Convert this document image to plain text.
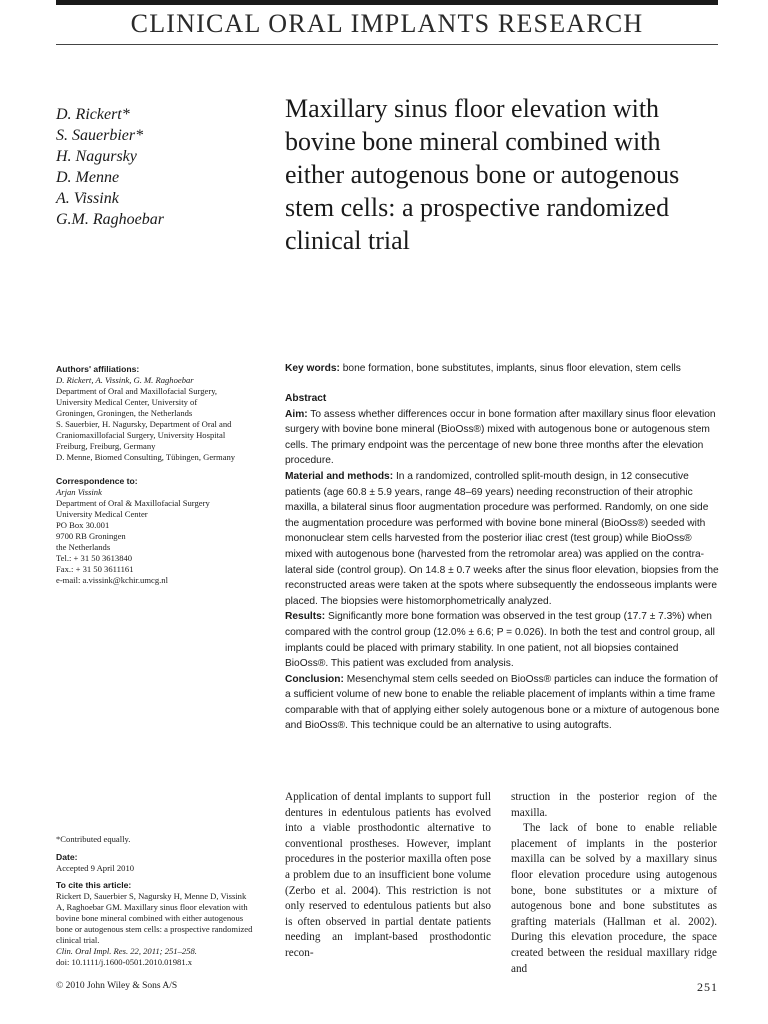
CLINICAL ORAL IMPLANTS RESEARCH
D. Rickert*
S. Sauerbier*
H. Nagursky
D. Menne
A. Vissink
G.M. Raghoebar
Maxillary sinus floor elevation with bovine bone mineral combined with either autogenous bone or autogenous stem cells: a prospective randomized clinical trial
Authors' affiliations:
D. Rickert, A. Vissink, G. M. Raghoebar
Department of Oral and Maxillofacial Surgery,
University Medical Center, University of
Groningen, Groningen, the Netherlands
S. Sauerbier, H. Nagursky, Department of Oral and
Craniomaxillofacial Surgery, University Hospital
Freiburg, Freiburg, Germany
D. Menne, Biomed Consulting, Tübingen, Germany
Correspondence to:
Arjan Vissink
Department of Oral & Maxillofacial Surgery
University Medical Center
PO Box 30.001
9700 RB Groningen
the Netherlands
Tel.: + 31 50 3613840
Fax.: + 31 50 3611161
e-mail: a.vissink@kchir.umcg.nl
*Contributed equally.
Date:
Accepted 9 April 2010
To cite this article:
Rickert D, Sauerbier S, Nagursky H, Menne D, Vissink
A, Raghoebar GM. Maxillary sinus floor elevation with
bovine bone mineral combined with either autogenous
bone or autogenous stem cells: a prospective randomized
clinical trial.
Clin. Oral Impl. Res. 22, 2011; 251–258.
doi: 10.1111/j.1600-0501.2010.01981.x
Key words: bone formation, bone substitutes, implants, sinus floor elevation, stem cells
Abstract
Aim: To assess whether differences occur in bone formation after maxillary sinus floor elevation surgery with bovine bone mineral (BioOss®) mixed with autogenous bone or autogenous stem cells. The primary endpoint was the percentage of new bone three months after the elevation procedure.
Material and methods: In a randomized, controlled split-mouth design, in 12 consecutive patients (age 60.8 ± 5.9 years, range 48–69 years) needing reconstruction of their atrophic maxilla, a bilateral sinus floor augmentation procedure was performed. Randomly, on one side the augmentation procedure was performed with bovine bone mineral (BioOss®) seeded with mononuclear stem cells harvested from the posterior iliac crest (test group) while BioOss® mixed with autogenous bone (harvested from the retromolar area) was applied on the contra-lateral side (control group). On 14.8 ± 0.7 weeks after the sinus floor elevation, biopsies from the reconstructed areas were taken at the spots where subsequently the endosseous implants were placed. The biopsies were histomorphometrically analyzed.
Results: Significantly more bone formation was observed in the test group (17.7 ± 7.3%) when compared with the control group (12.0% ± 6.6; P = 0.026). In both the test and control group, all implants could be placed with primary stability. In one patient, not all biopsies contained BioOss®. This patient was excluded from analysis.
Conclusion: Mesenchymal stem cells seeded on BioOss® particles can induce the formation of a sufficient volume of new bone to enable the reliable placement of implants within a time frame comparable with that of applying either solely autogenous bone or a mixture of autogenous bone and BioOss®. This technique could be an alternative to using autografts.

Application of dental implants to support full dentures in edentulous patients has evolved into a viable prosthodontic alternative to conventional prostheses. However, implant procedures in the posterior maxilla often pose a problem due to an insufficient bone volume (Zerbo et al. 2004). This restriction is not only reserved to edentulous patients but also is often observed in partial dentate patients needing an implant-based prosthodontic recon-

struction in the posterior region of the maxilla.

The lack of bone to enable reliable placement of implants in the posterior maxilla can be solved by a maxillary sinus floor elevation procedure using autogenous bone, bone substitutes or a mixture of autogenous bone and bone substitutes as grafting materials (Hallman et al. 2002). During this elevation procedure, the space created between the residual maxillary ridge and

© 2010 John Wiley & Sons A/S	251
